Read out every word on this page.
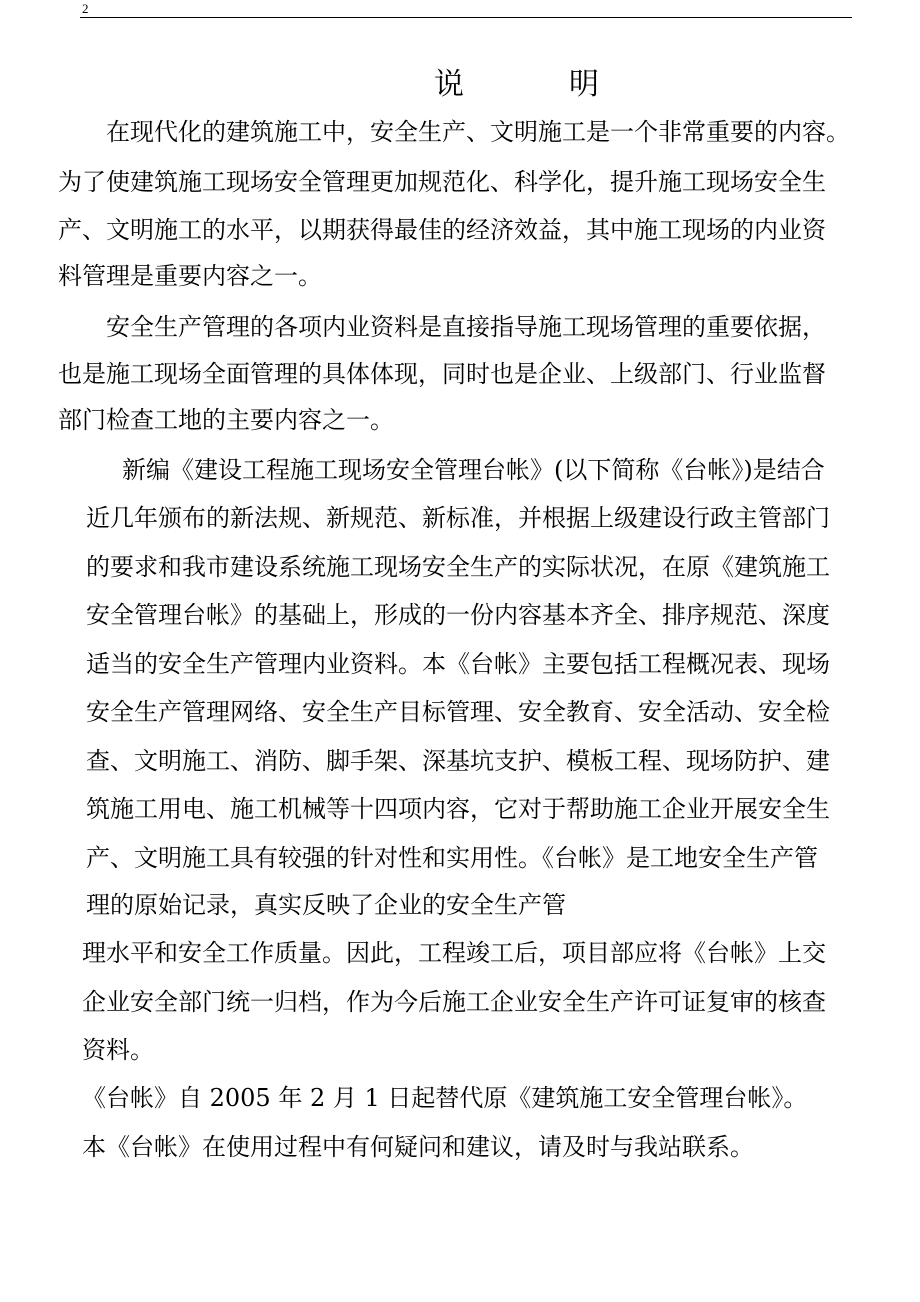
2
说	明
在现代化的建筑施工中，安全生产、文明施工是一个非常重要的内容。
为了使建筑施工现场安全管理更加规范化、科学化，提升施工现场安全生
产、文明施工的水平，以期获得最佳的经济效益，其中施工现场的内业资
料管理是重要内容之一。
安全生产管理的各项内业资料是直接指导施工现场管理的重要依据，
也是施工现场全面管理的具体体现，同时也是企业、上级部门、行业监督
部门检查工地的主要内容之一。
新编《建设工程施工现场安全管理台帐》(以下简称《台帐》)是结合
近几年颁布的新法规、新规范、新标准，并根据上级建设行政主管部门
的要求和我市建设系统施工现场安全生产的实际状况，在原《建筑施工
安全管理台帐》的基础上，形成的一份内容基本齐全、排序规范、深度
适当的安全生产管理内业资料。本《台帐》主要包括工程概况表、现场
安全生产管理网络、安全生产目标管理、安全教育、安全活动、安全检
查、文明施工、消防、脚手架、深基坑支护、模板工程、现场防护、建
筑施工用电、施工机械等十四项内容，它对于帮助施工企业开展安全生
产、文明施工具有较强的针对性和实用性。《台帐》是工地安全生产管
理的原始记录，真实反映了企业的安全生产管
理水平和安全工作质量。因此，工程竣工后，项目部应将《台帐》上交
企业安全部门统一归档，作为今后施工企业安全生产许可证复审的核查
资料。
《台帐》自 2005 年 2 月 1 日起替代原《建筑施工安全管理台帐》。
本《台帐》在使用过程中有何疑问和建议，请及时与我站联系。
